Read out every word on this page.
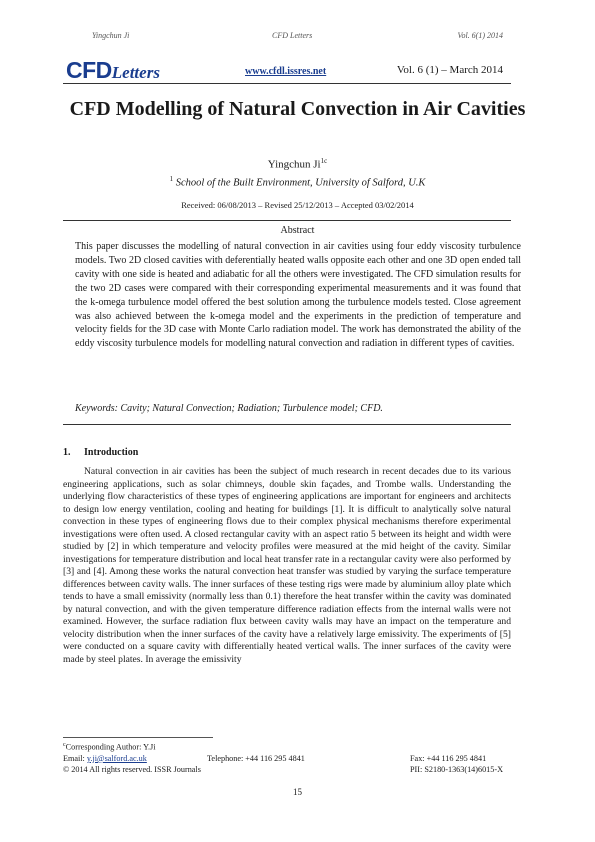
Yingchun Ji	CFD Letters	Vol. 6(1) 2014
CFDLetters	www.cfdl.issres.net	Vol. 6 (1) – March 2014
CFD Modelling of Natural Convection in Air Cavities
Yingchun $Ji^{1c}$
$^1$ School of the Built Environment, University of Salford, U.K
Received: 06/08/2013 – Revised 25/12/2013 – Accepted 03/02/2014
Abstract
This paper discusses the modelling of natural convection in air cavities using four eddy viscosity turbulence models. Two 2D closed cavities with deferentially heated walls opposite each other and one 3D open ended tall cavity with one side is heated and adiabatic for all the others were investigated. The CFD simulation results for the two 2D cases were compared with their corresponding experimental measurements and it was found that the k-omega turbulence model offered the best solution among the turbulence models tested. Close agreement was also achieved between the k-omega model and the experiments in the prediction of temperature and velocity fields for the 3D case with Monte Carlo radiation model. The work has demonstrated the ability of the eddy viscosity turbulence models for modelling natural convection and radiation in different types of cavities.
Keywords: Cavity; Natural Convection; Radiation; Turbulence model; CFD.
1. Introduction
Natural convection in air cavities has been the subject of much research in recent decades due to its various engineering applications, such as solar chimneys, double skin façades, and Trombe walls. Understanding the underlying flow characteristics of these types of engineering applications are important for engineers and architects to design low energy ventilation, cooling and heating for buildings [1]. It is difficult to analytically solve natural convection in these types of engineering flows due to their complex physical mechanisms therefore experimental investigations were often used. A closed rectangular cavity with an aspect ratio 5 between its height and width were studied by [2] in which temperature and velocity profiles were measured at the mid height of the cavity. Similar investigations for temperature distribution and local heat transfer rate in a rectangular cavity were also performed by [3] and [4]. Among these works the natural convection heat transfer was studied by varying the surface temperature differences between cavity walls. The inner surfaces of these testing rigs were made by aluminium alloy plate which tends to have a small emissivity (normally less than 0.1) therefore the heat transfer within the cavity was dominated by natural convection, and with the given temperature difference radiation effects from the internal walls were not examined. However, the surface radiation flux between cavity walls may have an impact on the temperature and velocity distribution when the inner surfaces of the cavity have a relatively large emissivity. The experiments of [5] were conducted on a square cavity with differentially heated vertical walls. The inner surfaces of the cavity were made by steel plates. In average the emissivity
$^c$Corresponding Author: Y.Ji
Email: y.ji@salford.ac.uk	Telephone: +44 116 295 4841	Fax: +44 116 295 4841
© 2014 All rights reserved. ISSR Journals	PII: S2180-1363(14)6015-X
15
